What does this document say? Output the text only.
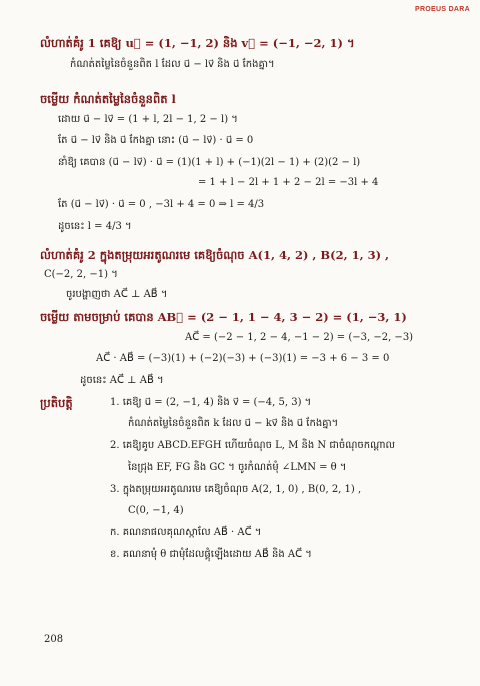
PROEUS DARA
លំហាត់គំរូ 1 គេឱ្យ u⃗ = (1, −1, 2) និង v⃗ = (−1, −2, 1) ។
កំណត់តម្លៃនៃចំនួនពិត l ដែល u⃗ − lv⃗ និង u⃗ កែងគ្នា។
ចម្លើយ កំណត់តម្លៃនៃចំនួនពិត l
ដោយ u⃗ − lv⃗ = (1 + l, 2l − 1, 2 − l) ។
តែ u⃗ − lv⃗ និង u⃗ កែងគ្នា នោះ (u⃗ − lv⃗) · u⃗ = 0
នាំឱ្យ គេបាន (u⃗ − lv⃗) · u⃗ = (1)(1 + l) + (−1)(2l − 1) + (2)(2 − l)
= 1 + l − 2l + 1 + 2 − 2l = −3l + 4
តែ (u⃗ − lv⃗) · u⃗ = 0 , −3l + 4 = 0 ⇒ l = 4/3
ដូចនេះ l = 4/3 ។
លំហាត់គំរូ 2 ក្នុងតម្រុយអរតូណរមេ គេឱ្យចំណុច A(1, 4, 2) , B(2, 1, 3) ,
C(−2, 2, −1) ។
ចូរបង្ហាញថា AC⃗ ⊥ AB⃗ ។
ចម្លើយ តាមចម្រាប់ គេបាន AB⃗ = (2 − 1, 1 − 4, 3 − 2) = (1, −3, 1)
AC⃗ = (−2 − 1, 2 − 4, −1 − 2) = (−3, −2, −3)
AC⃗ · AB⃗ = (−3)(1) + (−2)(−3) + (−3)(1) = −3 + 6 − 3 = 0
ដូចនេះ AC⃗ ⊥ AB⃗ ។
ប្រតិបត្តិ	1. គេឱ្យ u⃗ = (2, −1, 4) និង v⃗ = (−4, 5, 3) ។
កំណត់តម្លៃនៃចំនួនពិត k ដែល u⃗ − kv⃗ និង u⃗ កែងគ្នា។
2. គេឱ្យគូប ABCD.EFGH ហើយចំណុច L, M និង N ជាចំណុចកណ្តាល
នៃជ្រុង EF, FG និង GC ។ ចូរកំណត់មុំ ∠LMN = θ ។
3. ក្នុងតម្រុយអរតូណរមេ គេឱ្យចំណុច A(2, 1, 0) , B(0, 2, 1) ,
C(0, −1, 4)
ក. គណនាផលគុណស្កាលែ AB⃗ · AC⃗ ។
ខ. គណនាមុំ θ ជាមុំដែលផ្គុំឡើងដោយ AB⃗ និង AC⃗ ។
208
